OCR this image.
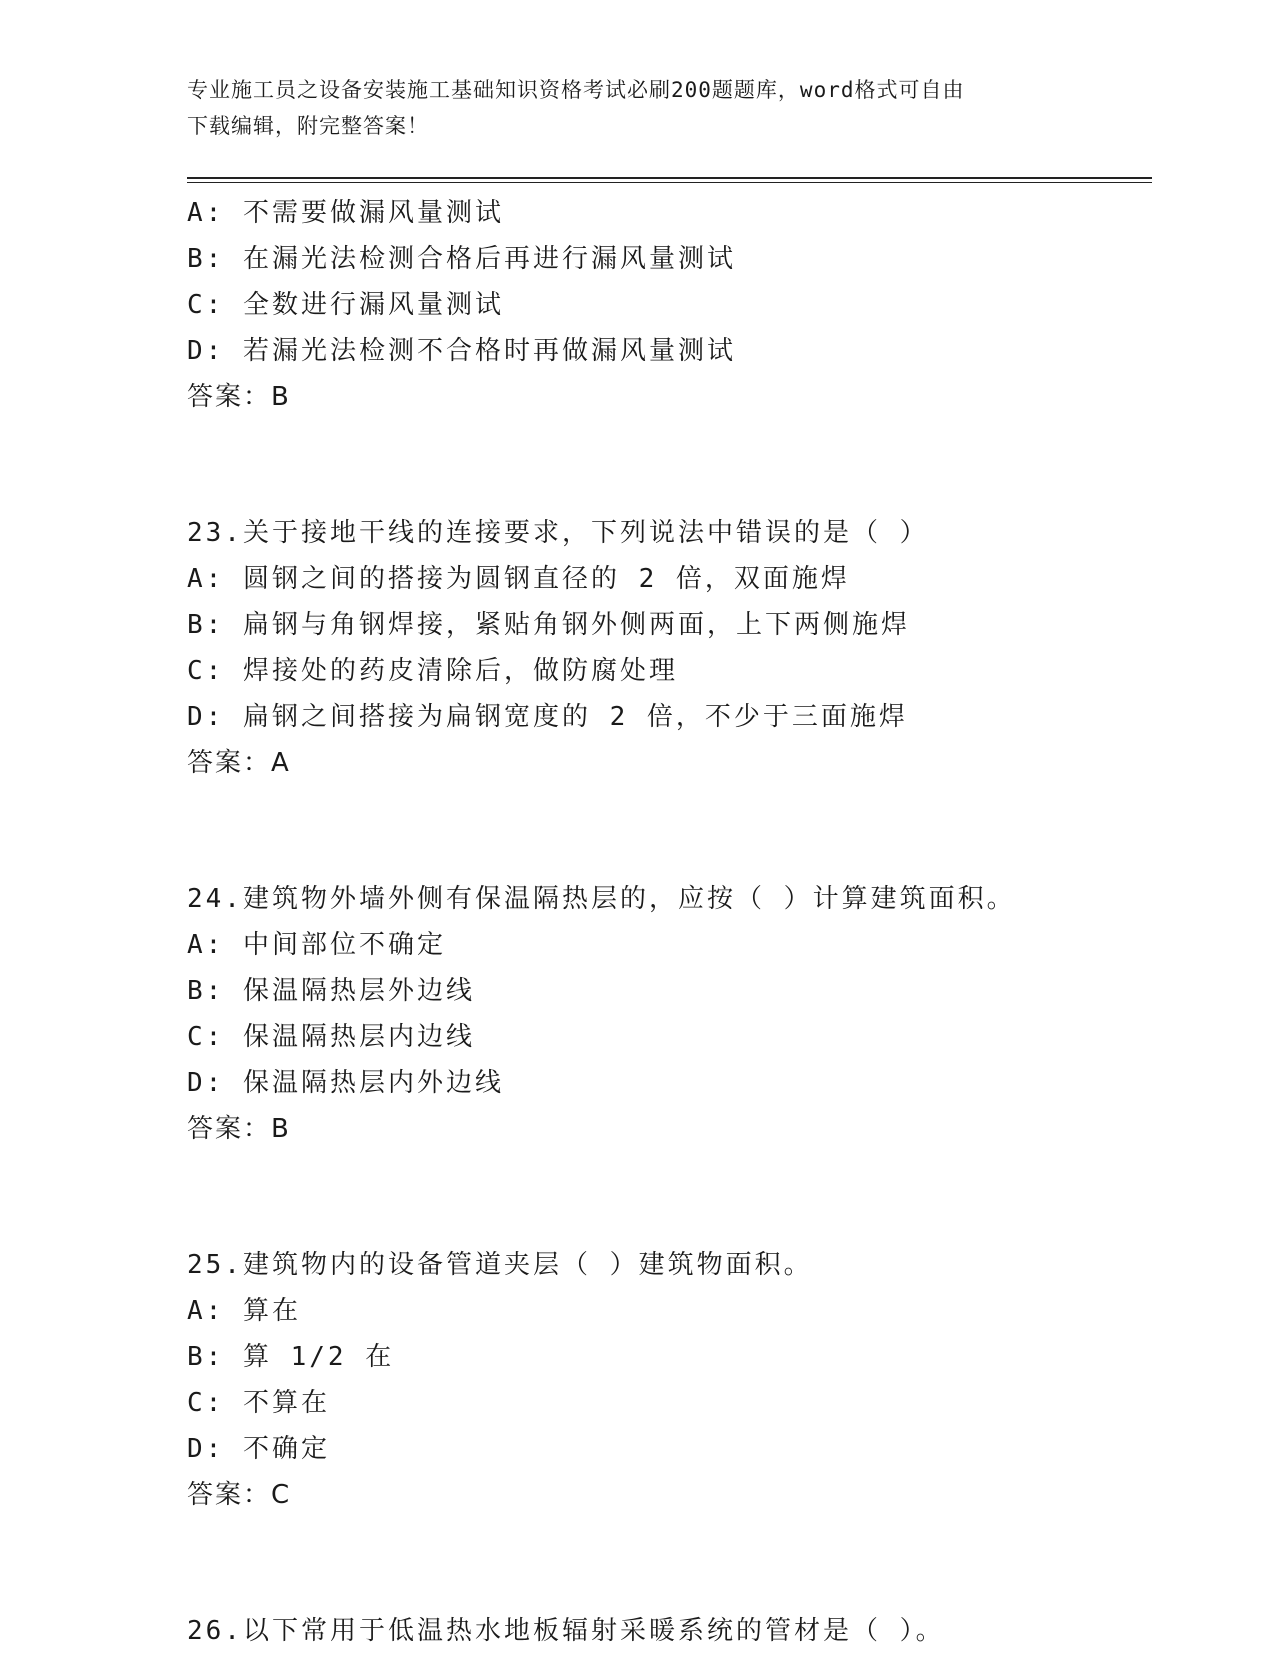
专业施工员之设备安装施工基础知识资格考试必刷200题题库，word格式可自由
下载编辑，附完整答案！
A: 不需要做漏风量测试
B: 在漏光法检测合格后再进行漏风量测试
C: 全数进行漏风量测试
D: 若漏光法检测不合格时再做漏风量测试
答案：B
23.关于接地干线的连接要求，下列说法中错误的是（ ）
A: 圆钢之间的搭接为圆钢直径的 2 倍，双面施焊
B: 扁钢与角钢焊接，紧贴角钢外侧两面，上下两侧施焊
C: 焊接处的药皮清除后，做防腐处理
D: 扁钢之间搭接为扁钢宽度的 2 倍，不少于三面施焊
答案：A
24.建筑物外墙外侧有保温隔热层的，应按（ ）计算建筑面积。
A: 中间部位不确定
B: 保温隔热层外边线
C: 保温隔热层内边线
D: 保温隔热层内外边线
答案：B
25.建筑物内的设备管道夹层（ ）建筑物面积。
A: 算在
B: 算 1/2 在
C: 不算在
D: 不确定
答案：C
26.以下常用于低温热水地板辐射采暖系统的管材是（ ）。
